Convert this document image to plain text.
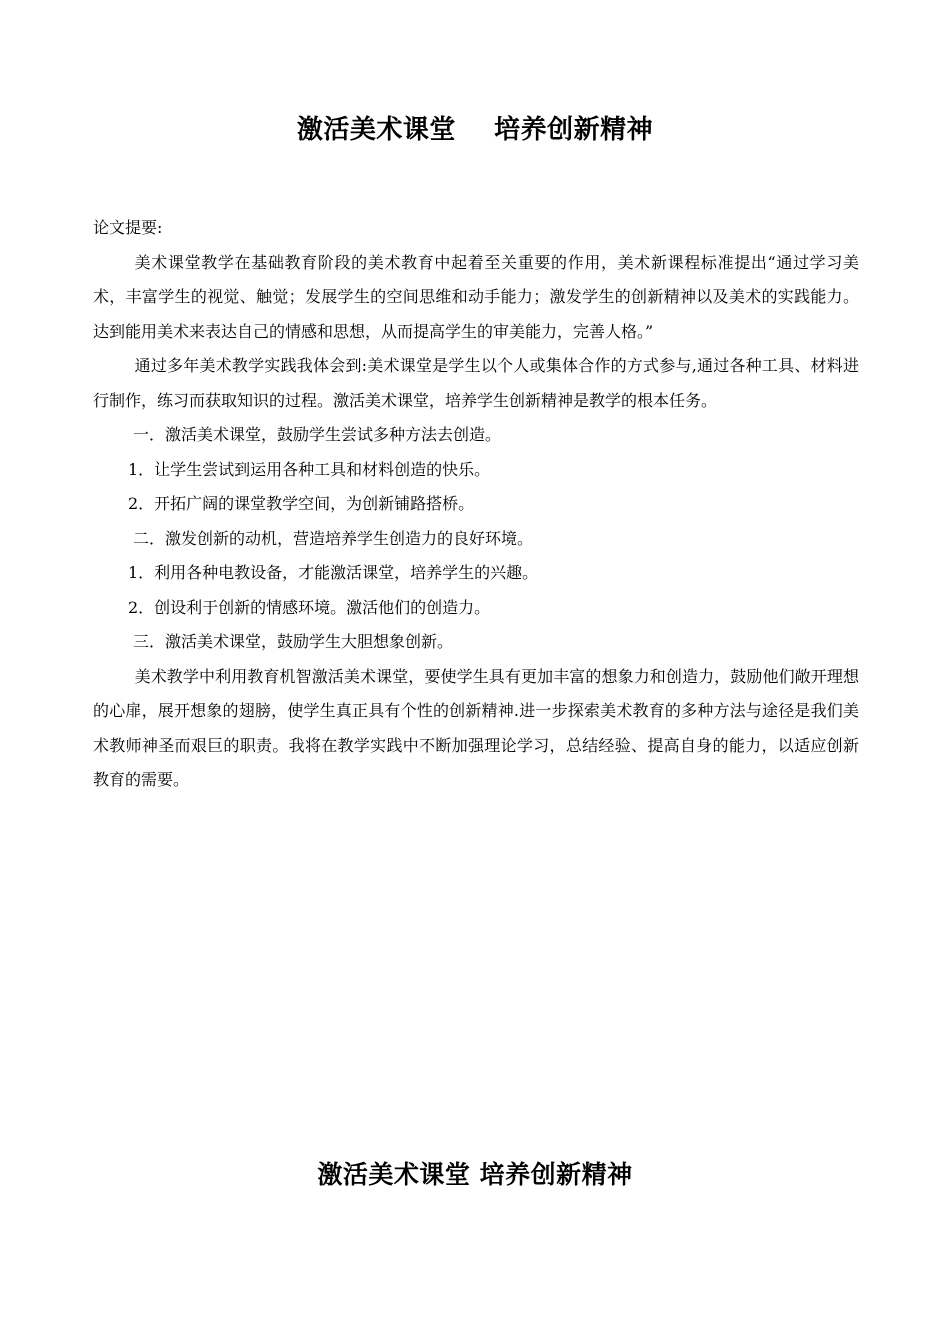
激活美术课堂    培养创新精神

论文提要:

美术课堂教学在基础教育阶段的美术教育中起着至关重要的作用，美术新课程标准提出“通过学习美术，丰富学生的视觉、触觉；发展学生的空间思维和动手能力；激发学生的创新精神以及美术的实践能力。达到能用美术来表达自己的情感和思想，从而提高学生的审美能力，完善人格。”

通过多年美术教学实践我体会到:美术课堂是学生以个人或集体合作的方式参与,通过各种工具、材料进行制作，练习而获取知识的过程。激活美术课堂，培养学生创新精神是教学的根本任务。

一．激活美术课堂，鼓励学生尝试多种方法去创造。

1．让学生尝试到运用各种工具和材料创造的快乐。

2．开拓广阔的课堂教学空间，为创新铺路搭桥。

二．激发创新的动机，营造培养学生创造力的良好环境。

1．利用各种电教设备，才能激活课堂，培养学生的兴趣。

2．创设利于创新的情感环境。激活他们的创造力。

三．激活美术课堂，鼓励学生大胆想象创新。

美术教学中利用教育机智激活美术课堂，要使学生具有更加丰富的想象力和创造力，鼓励他们敞开理想的心扉，展开想象的翅膀，使学生真正具有个性的创新精神.进一步探索美术教育的多种方法与途径是我们美术教师神圣而艰巨的职责。我将在教学实践中不断加强理论学习，总结经验、提高自身的能力，以适应创新教育的需要。

激活美术课堂 培养创新精神
